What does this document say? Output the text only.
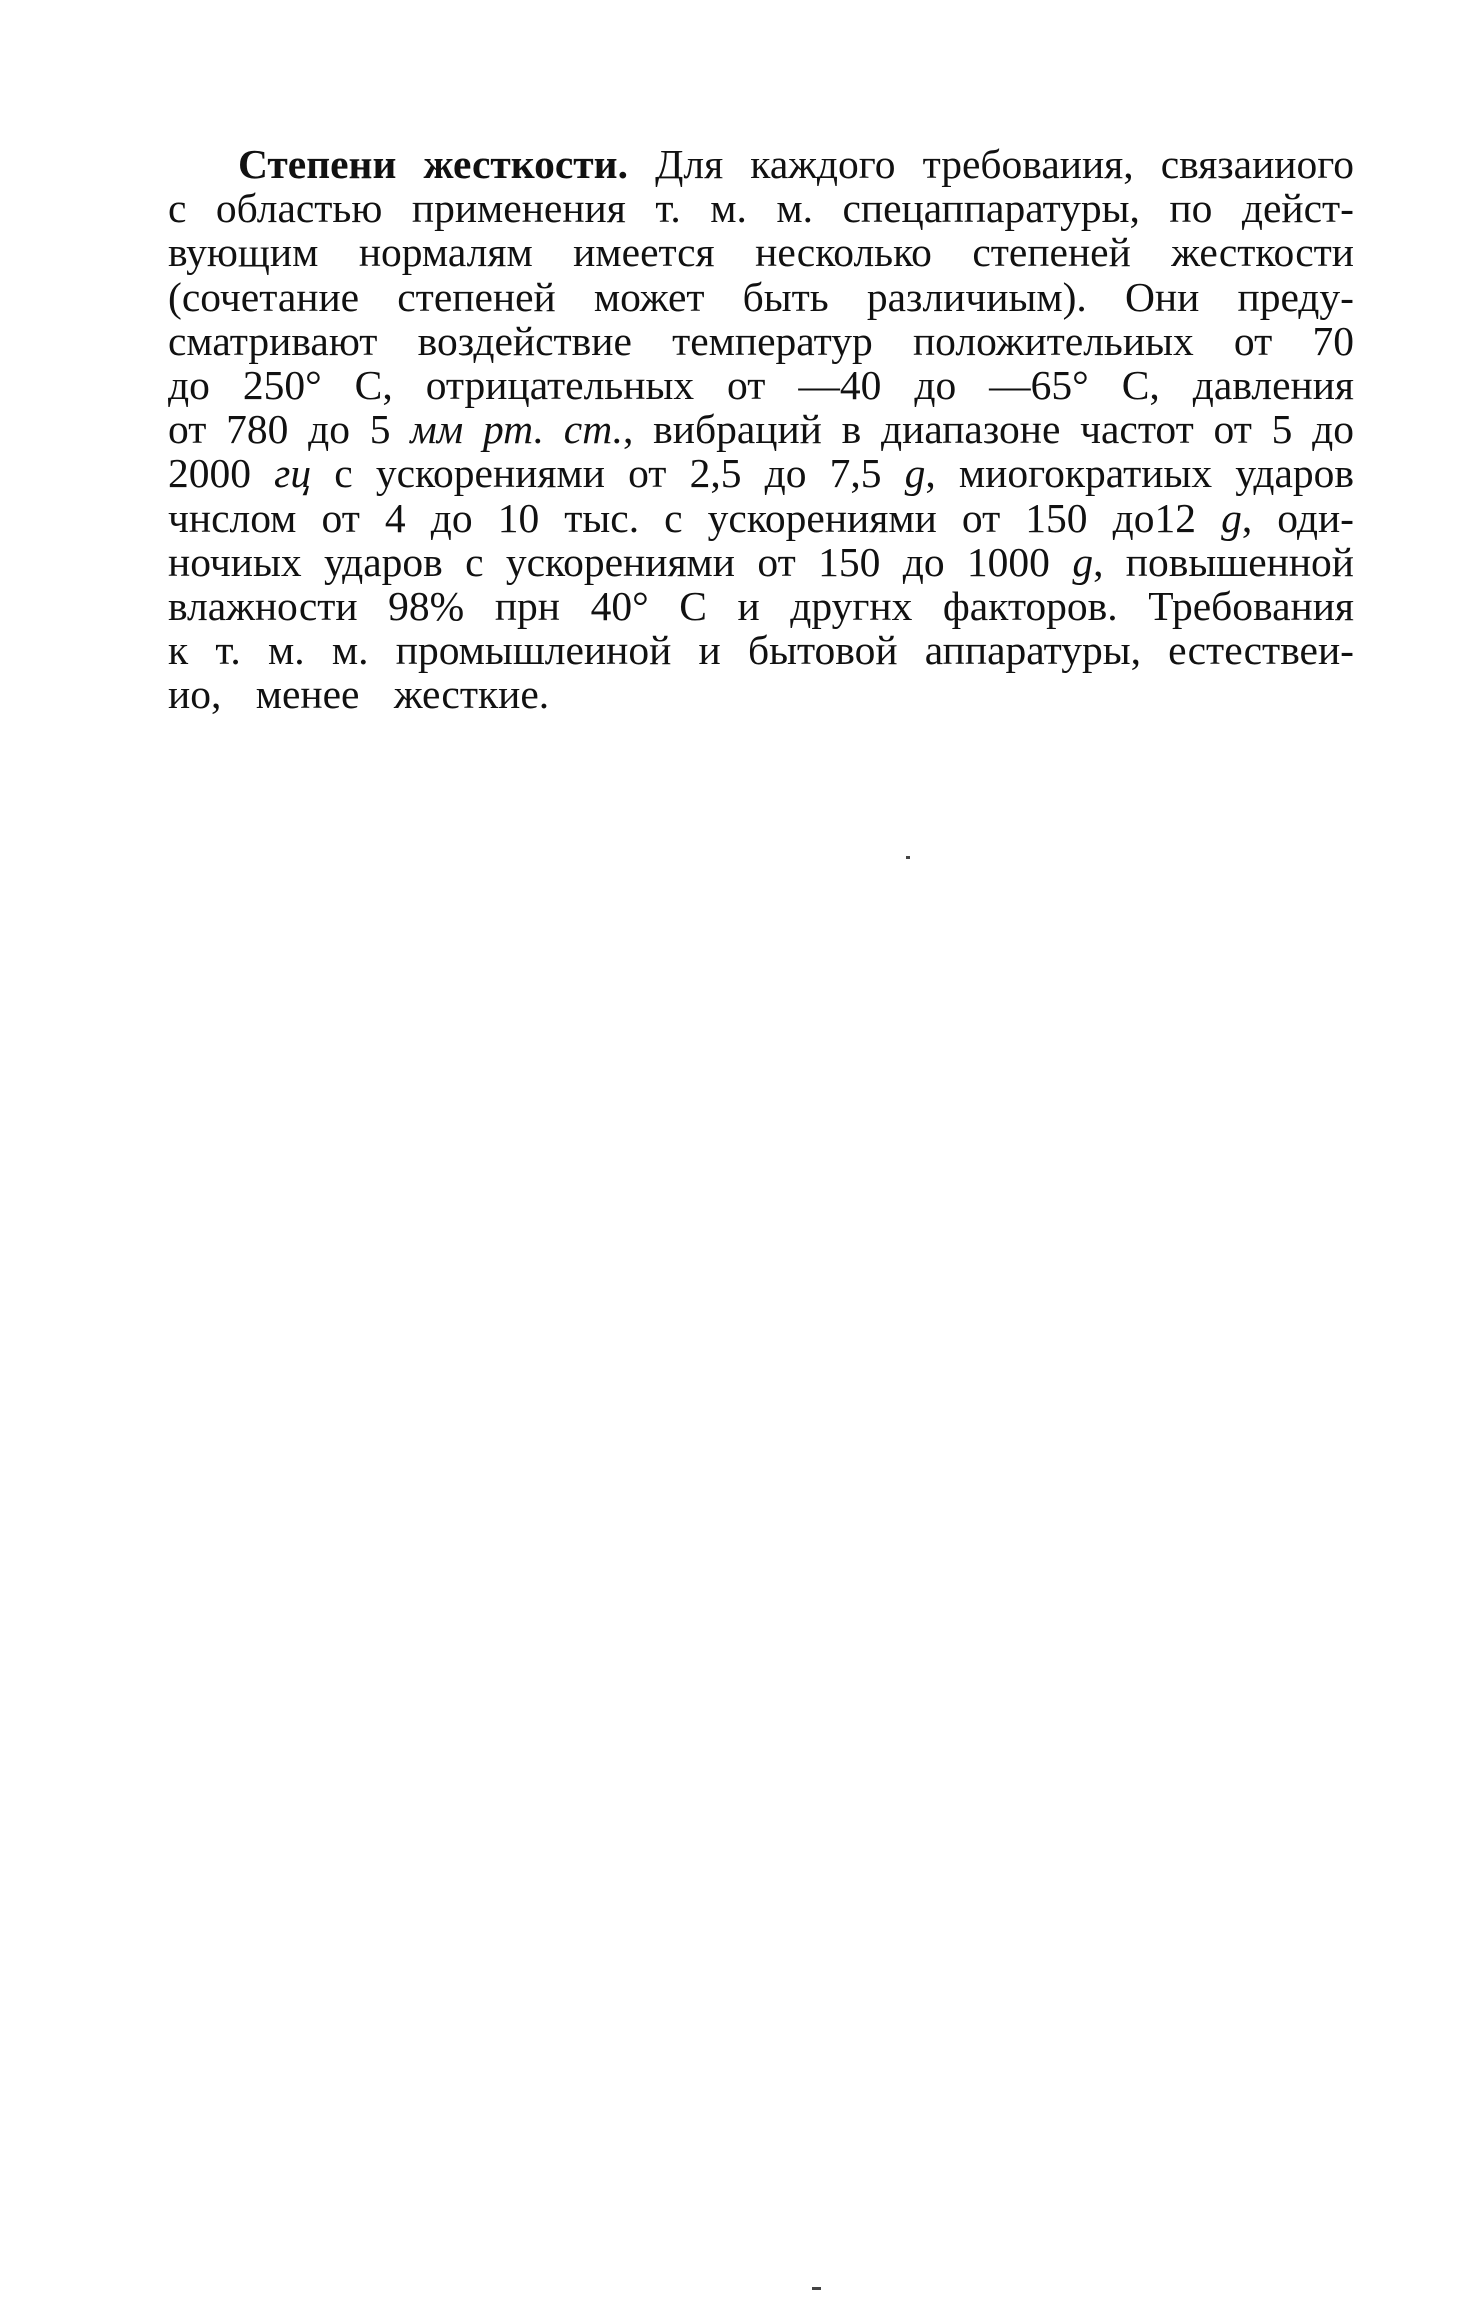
Степени жесткости. Для каждого требоваиия, связаииого
с областью применения т. м. м. спецаппаратуры, по дейст-
вующим нормалям имеется несколько степеней жесткости
(сочетание степеней может быть различиым). Они преду-
сматривают воздействие температур положительиых от 70
до 250° С, отрицательных от —40 до —65° С, давления
от 780 до 5 мм рт. ст., вибраций в диапазоне частот от 5 до
2000 гц с ускорениями от 2,5 до 7,5 g, миогократиых ударов
чнслом от 4 до 10 тыс. с ускорениями от 150 до12 g, оди-
ночиых ударов с ускорениями от 150 до 1000 g, повышенной
влажности 98% прн 40° С и другнх факторов. Требования
к т. м. м. промышлеиной и бытовой аппаратуры, естествеи-
ио, менее жесткие.
